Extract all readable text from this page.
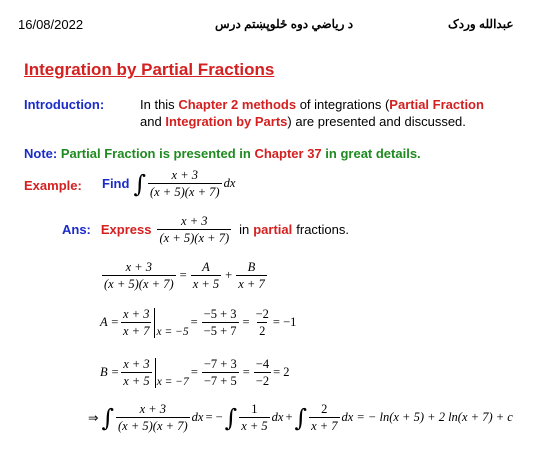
16/08/2022	د رياضي دوه ځلوپښتم درس	عبدالله وردک
Integration by Partial Fractions
Introduction:	In this Chapter 2 methods of integrations (Partial Fraction
and Integration by Parts) are presented and discussed.
Note: Partial Fraction is presented in Chapter 37 in great details.
Example: Find ∫ $\frac{x + 3}{(x + 5)(x + 7)}$ dx
Ans: Express $\frac{x + 3}{(x + 5)(x + 7)}$ in partial fractions.
$\frac{x + 3}{(x + 5)(x + 7)} = \frac{A}{x + 5} + \frac{B}{x + 7}$
$A = \frac{x + 3}{x + 7}$ x = −5
= $\frac{-5 + 3}{-5 + 7} = \frac{-2}{2} = -1$
$B = \frac{x + 3}{x + 5}$ x = −7
= $\frac{-7 + 3}{-7 + 5} = \frac{-4}{-2} = 2$
⇒ ∫ $\frac{x + 3}{(x + 5)(x + 7)}$ dx = − ∫ $\frac{1}{x + 5}$ dx + ∫ $\frac{2}{x + 7}$ dx = − ln(x + 5) + 2 ln(x + 7) + c
